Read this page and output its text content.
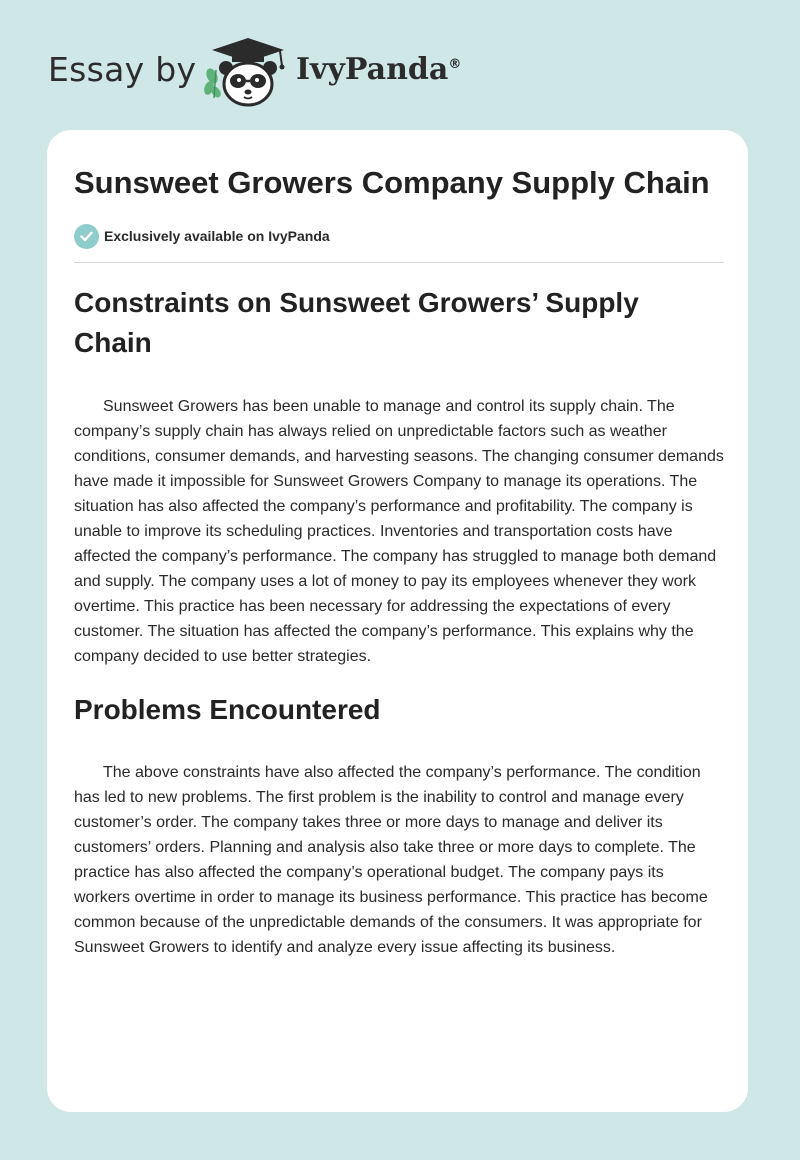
Essay by	IvyPanda®
Sunsweet Growers Company Supply Chain
Exclusively available on IvyPanda
Constraints on Sunsweet Growers’ Supply Chain

Sunsweet Growers has been unable to manage and control its supply chain. The company’s supply chain has always relied on unpredictable factors such as weather conditions, consumer demands, and harvesting seasons. The changing consumer demands have made it impossible for Sunsweet Growers Company to manage its operations. The situation has also affected the company’s performance and profitability. The company is unable to improve its scheduling practices. Inventories and transportation costs have affected the company’s performance. The company has struggled to manage both demand and supply. The company uses a lot of money to pay its employees whenever they work overtime. This practice has been necessary for addressing the expectations of every customer. The situation has affected the company’s performance. This explains why the company decided to use better strategies.

Problems Encountered

The above constraints have also affected the company’s performance. The condition has led to new problems. The first problem is the inability to control and manage every customer’s order. The company takes three or more days to manage and deliver its customers’ orders. Planning and analysis also take three or more days to complete. The practice has also affected the company’s operational budget. The company pays its workers overtime in order to manage its business performance. This practice has become common because of the unpredictable demands of the consumers. It was appropriate for Sunsweet Growers to identify and analyze every issue affecting its business.
